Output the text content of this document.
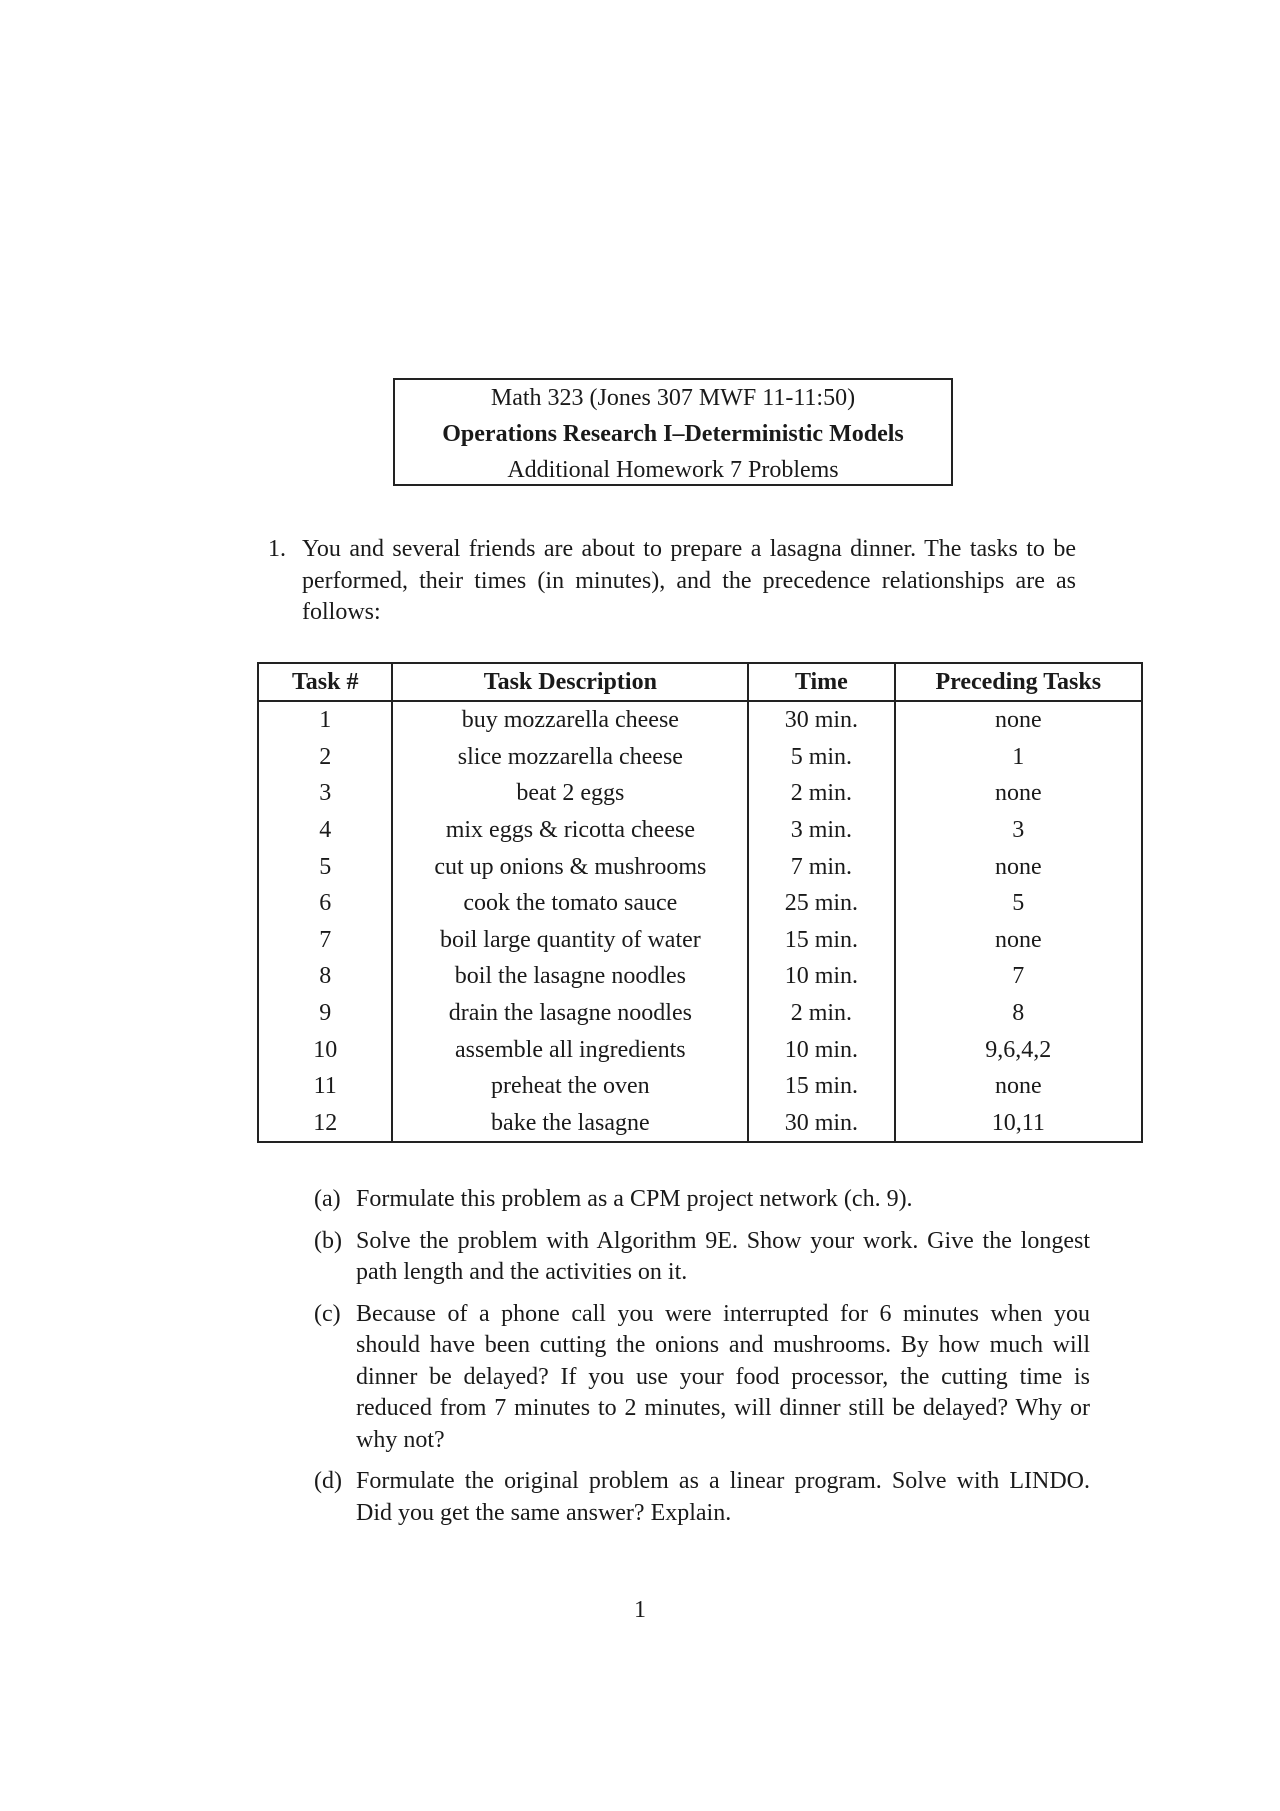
Math 323 (Jones 307 MWF 11-11:50)
Operations Research I–Deterministic Models
Additional Homework 7 Problems
1. You and several friends are about to prepare a lasagna dinner. The tasks to be performed, their times (in minutes), and the precedence relationships are as follows:
Task #	Task Description	Time	Preceding Tasks
1	buy mozzarella cheese	30 min.	none
2	slice mozzarella cheese	5 min.	1
3	beat 2 eggs	2 min.	none
4	mix eggs & ricotta cheese	3 min.	3
5	cut up onions & mushrooms	7 min.	none
6	cook the tomato sauce	25 min.	5
7	boil large quantity of water	15 min.	none
8	boil the lasagne noodles	10 min.	7
9	drain the lasagne noodles	2 min.	8
10	assemble all ingredients	10 min.	9,6,4,2
11	preheat the oven	15 min.	none
12	bake the lasagne	30 min.	10,11
(a) Formulate this problem as a CPM project network (ch. 9).
(b) Solve the problem with Algorithm 9E. Show your work. Give the longest path length and the activities on it.
(c) Because of a phone call you were interrupted for 6 minutes when you should have been cutting the onions and mushrooms. By how much will dinner be delayed? If you use your food processor, the cutting time is reduced from 7 minutes to 2 minutes, will dinner still be delayed? Why or why not?
(d) Formulate the original problem as a linear program. Solve with LINDO. Did you get the same answer? Explain.
1
